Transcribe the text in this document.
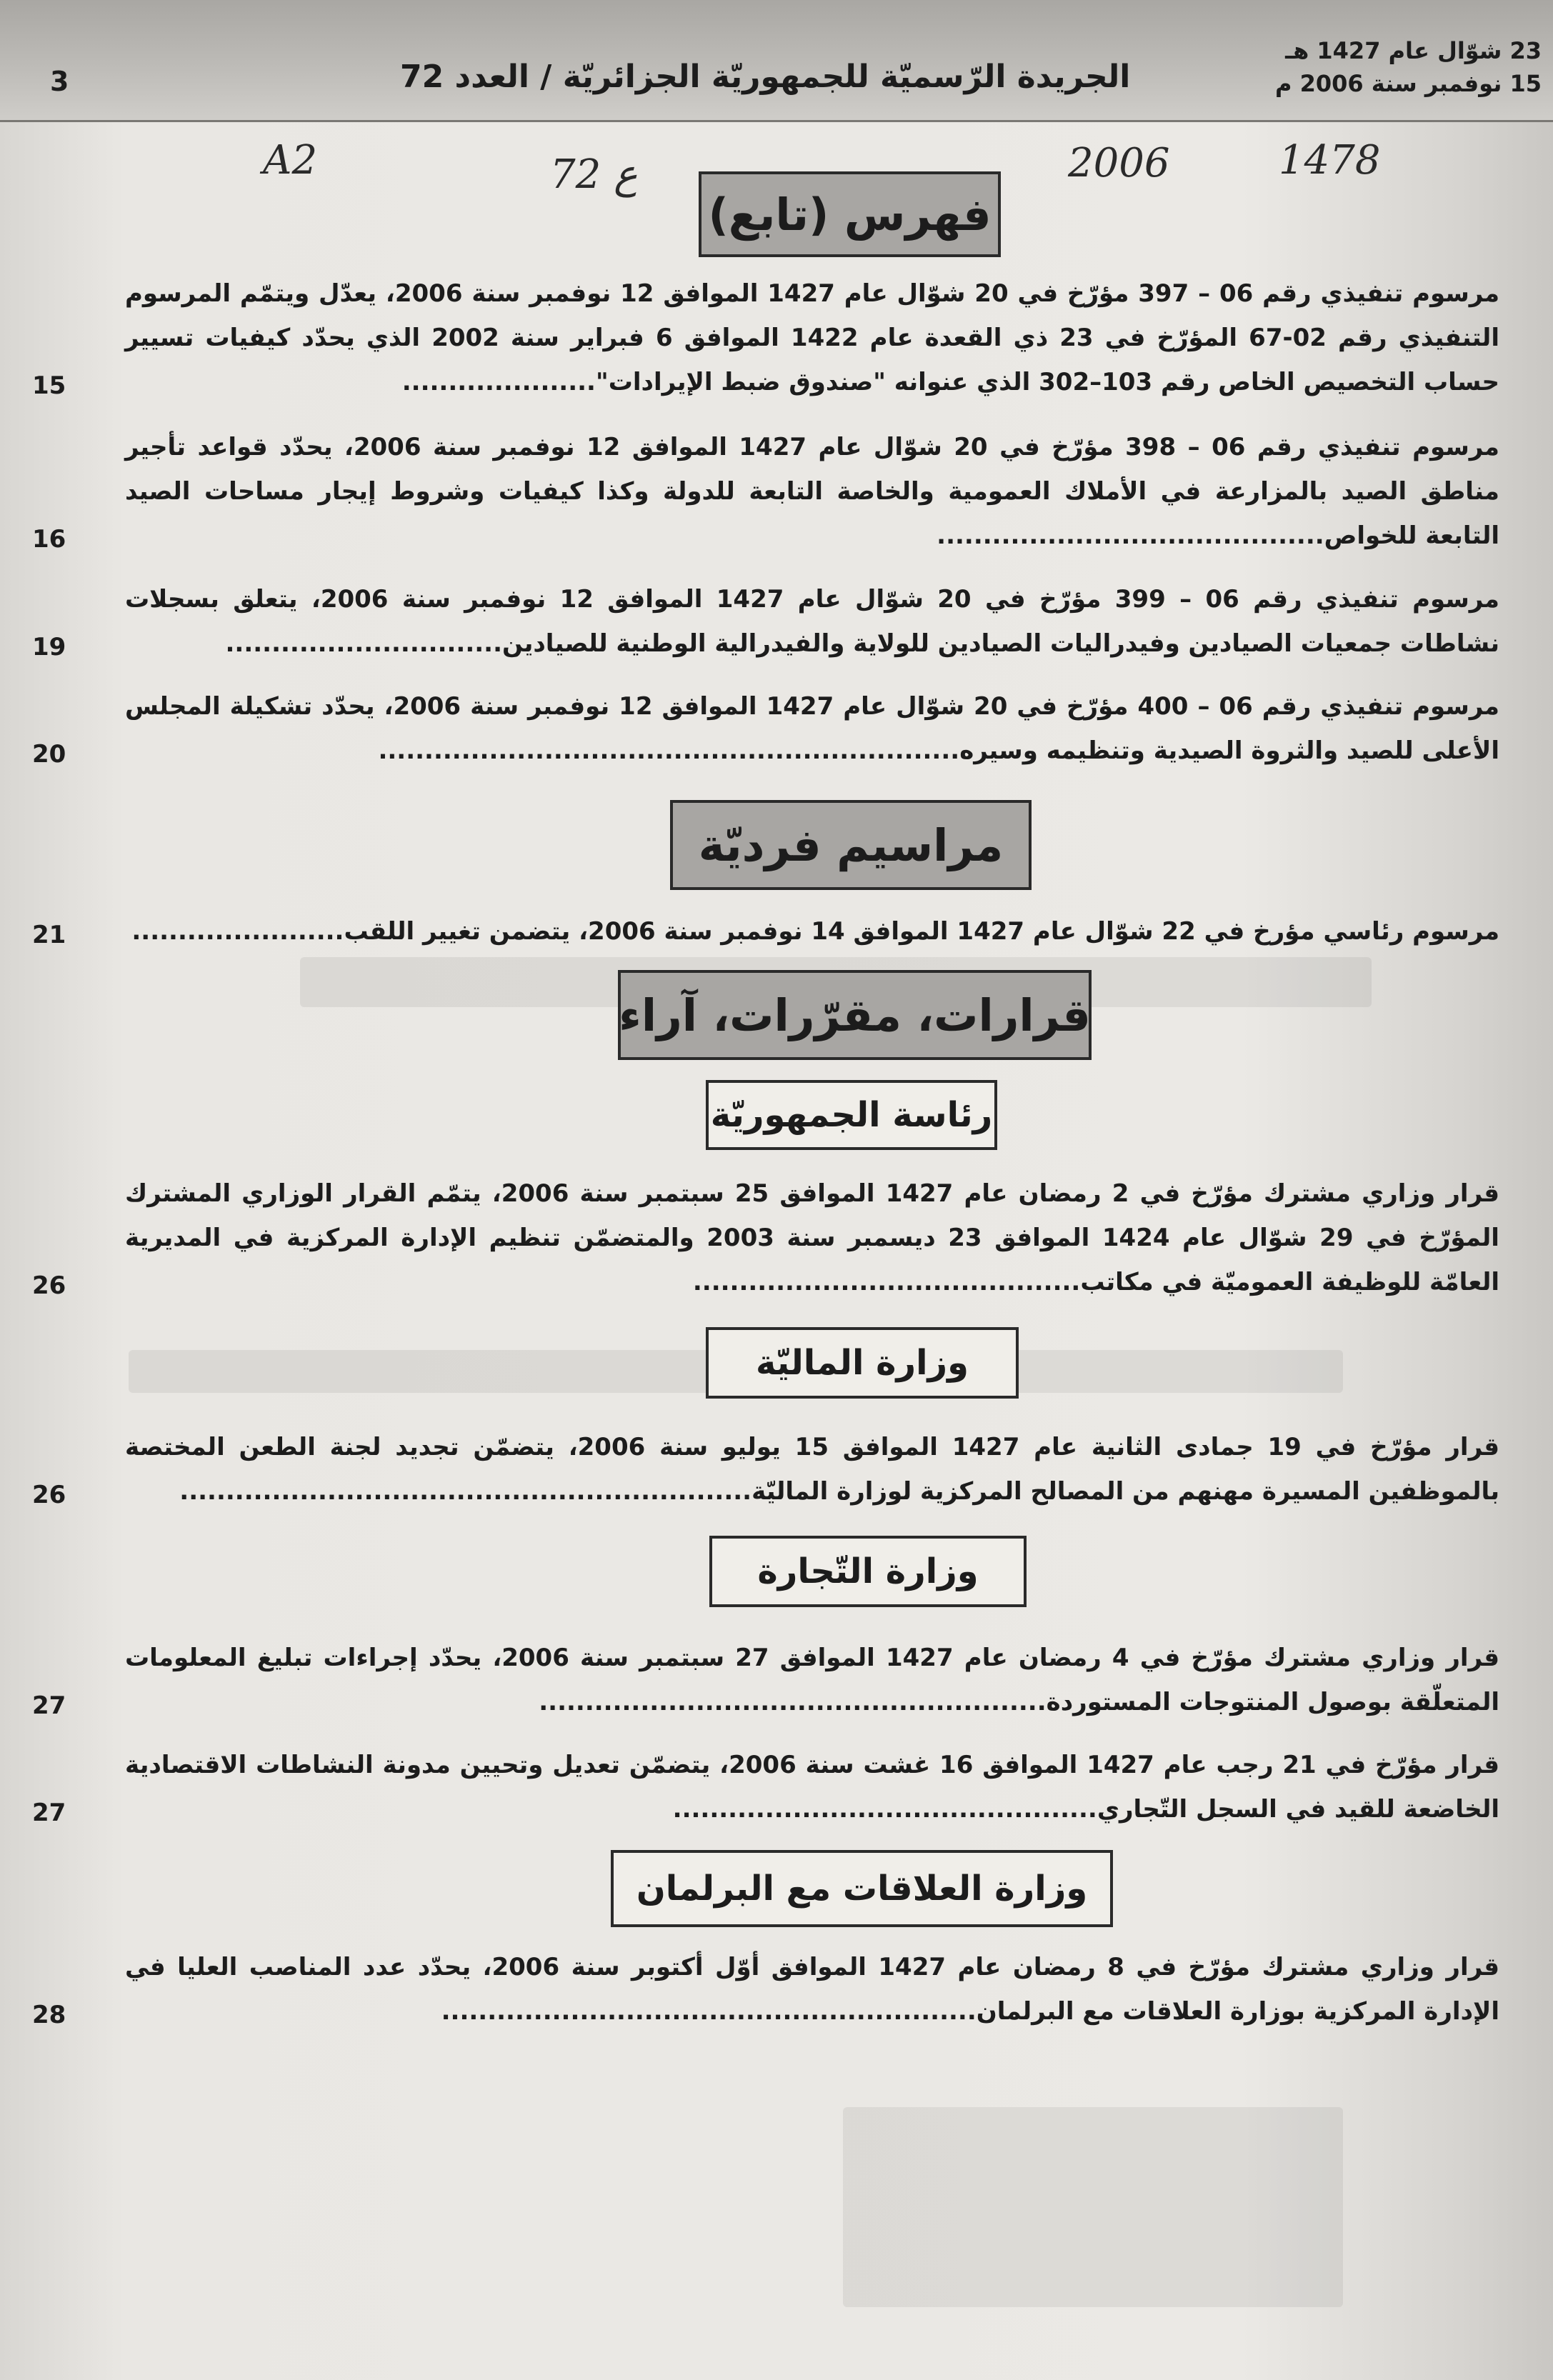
3	الجريدة الرّسميّة للجمهوريّة الجزائريّة / العدد 72
23 شوّال عام 1427 هـ
15 نوفمبر سنة 2006 م
A2	72 ع	2006	1478
فهرس (تابع)
مرسوم تنفيذي رقم 06 – 397 مؤرّخ في 20 شوّال عام 1427 الموافق 12 نوفمبر سنة 2006، يعدّل ويتمّم المرسوم التنفيذي رقم 02-67 المؤرّخ في 23 ذي القعدة عام 1422 الموافق 6 فبراير سنة 2002 الذي يحدّد كيفيات تسيير حساب التخصيص الخاص رقم 103–302 الذي عنوانه "صندوق ضبط الإيرادات".....................
15
مرسوم تنفيذي رقم 06 – 398 مؤرّخ في 20 شوّال عام 1427 الموافق 12 نوفمبر سنة 2006، يحدّد قواعد تأجير مناطق الصيد بالمزارعة في الأملاك العمومية والخاصة التابعة للدولة وكذا كيفيات وشروط إيجار مساحات الصيد التابعة للخواص..........................................
16
مرسوم تنفيذي رقم 06 – 399 مؤرّخ في 20 شوّال عام 1427 الموافق 12 نوفمبر سنة 2006، يتعلق بسجلات نشاطات جمعيات الصيادين وفيدراليات الصيادين للولاية والفيدرالية الوطنية للصيادين..............................
19
مرسوم تنفيذي رقم 06 – 400 مؤرّخ في 20 شوّال عام 1427 الموافق 12 نوفمبر سنة 2006، يحدّد تشكيلة المجلس الأعلى للصيد والثروة الصيدية وتنظيمه وسيره...............................................................
20
مراسيم فرديّة
مرسوم رئاسي مؤرخ في 22 شوّال عام 1427 الموافق 14 نوفمبر سنة 2006، يتضمن تغيير اللقب.......................
21
قرارات، مقرّرات، آراء
رئاسة الجمهوريّة
قرار وزاري مشترك مؤرّخ في 2 رمضان عام 1427 الموافق 25 سبتمبر سنة 2006، يتمّم القرار الوزاري المشترك المؤرّخ في 29 شوّال عام 1424 الموافق 23 ديسمبر سنة 2003 والمتضمّن تنظيم الإدارة المركزية في المديرية العامّة للوظيفة العموميّة في مكاتب..........................................
26
وزارة الماليّة
قرار مؤرّخ في 19 جمادى الثانية عام 1427 الموافق 15 يوليو سنة 2006، يتضمّن تجديد لجنة الطعن المختصة بالموظفين المسيرة مهنهم من المصالح المركزية لوزارة الماليّة..............................................................
26
وزارة التّجارة
قرار وزاري مشترك مؤرّخ في 4 رمضان عام 1427 الموافق 27 سبتمبر سنة 2006، يحدّد إجراءات تبليغ المعلومات المتعلّقة بوصول المنتوجات المستوردة.......................................................
27
قرار مؤرّخ في 21 رجب عام 1427 الموافق 16 غشت سنة 2006، يتضمّن تعديل وتحيين مدونة النشاطات الاقتصادية الخاضعة للقيد في السجل التّجاري..............................................
27
وزارة العلاقات مع البرلمان
قرار وزاري مشترك مؤرّخ في 8 رمضان عام 1427 الموافق أوّل أكتوبر سنة 2006، يحدّد عدد المناصب العليا في الإدارة المركزية بوزارة العلاقات مع البرلمان..........................................................
28
